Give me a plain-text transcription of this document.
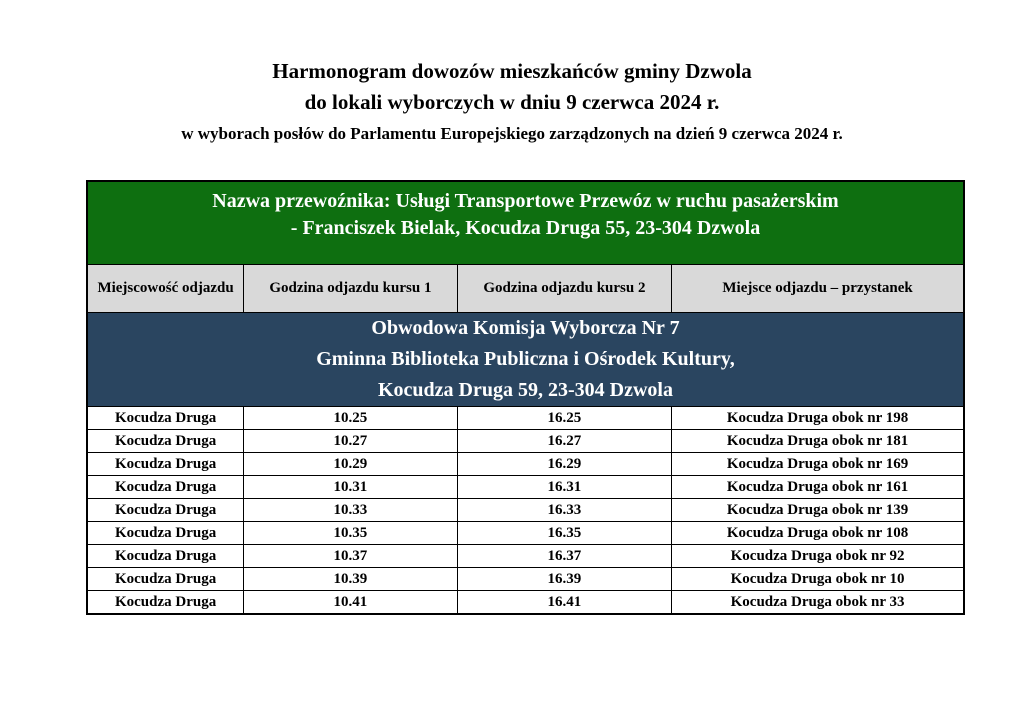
Harmonogram dowozów mieszkańców gminy Dzwola
do lokali wyborczych w dniu 9 czerwca 2024 r.
w wyborach posłów do Parlamentu Europejskiego zarządzonych na dzień 9 czerwca 2024 r.
Nazwa przewoźnika: Usługi Transportowe Przewóz w ruchu pasażerskim
- Franciszek Bielak, Kocudza Druga 55, 23-304 Dzwola			

Miejscowość odjazdu	Godzina odjazdu kursu 1	Godzina odjazdu kursu 2	Miejsce odjazdu – przystanek

Obwodowa Komisja Wyborcza Nr 7
Gminna Biblioteka Publiczna i Ośrodek Kultury,
Kocudza Druga 59, 23-304 Dzwola			

Kocudza Druga	10.25	16.25	Kocudza Druga obok nr 198
Kocudza Druga	10.27	16.27	Kocudza Druga obok nr 181
Kocudza Druga	10.29	16.29	Kocudza Druga obok nr 169
Kocudza Druga	10.31	16.31	Kocudza Druga obok nr 161
Kocudza Druga	10.33	16.33	Kocudza Druga obok nr 139
Kocudza Druga	10.35	16.35	Kocudza Druga obok nr 108
Kocudza Druga	10.37	16.37	Kocudza Druga obok nr 92
Kocudza Druga	10.39	16.39	Kocudza Druga obok nr 10
Kocudza Druga	10.41	16.41	Kocudza Druga obok nr 33
